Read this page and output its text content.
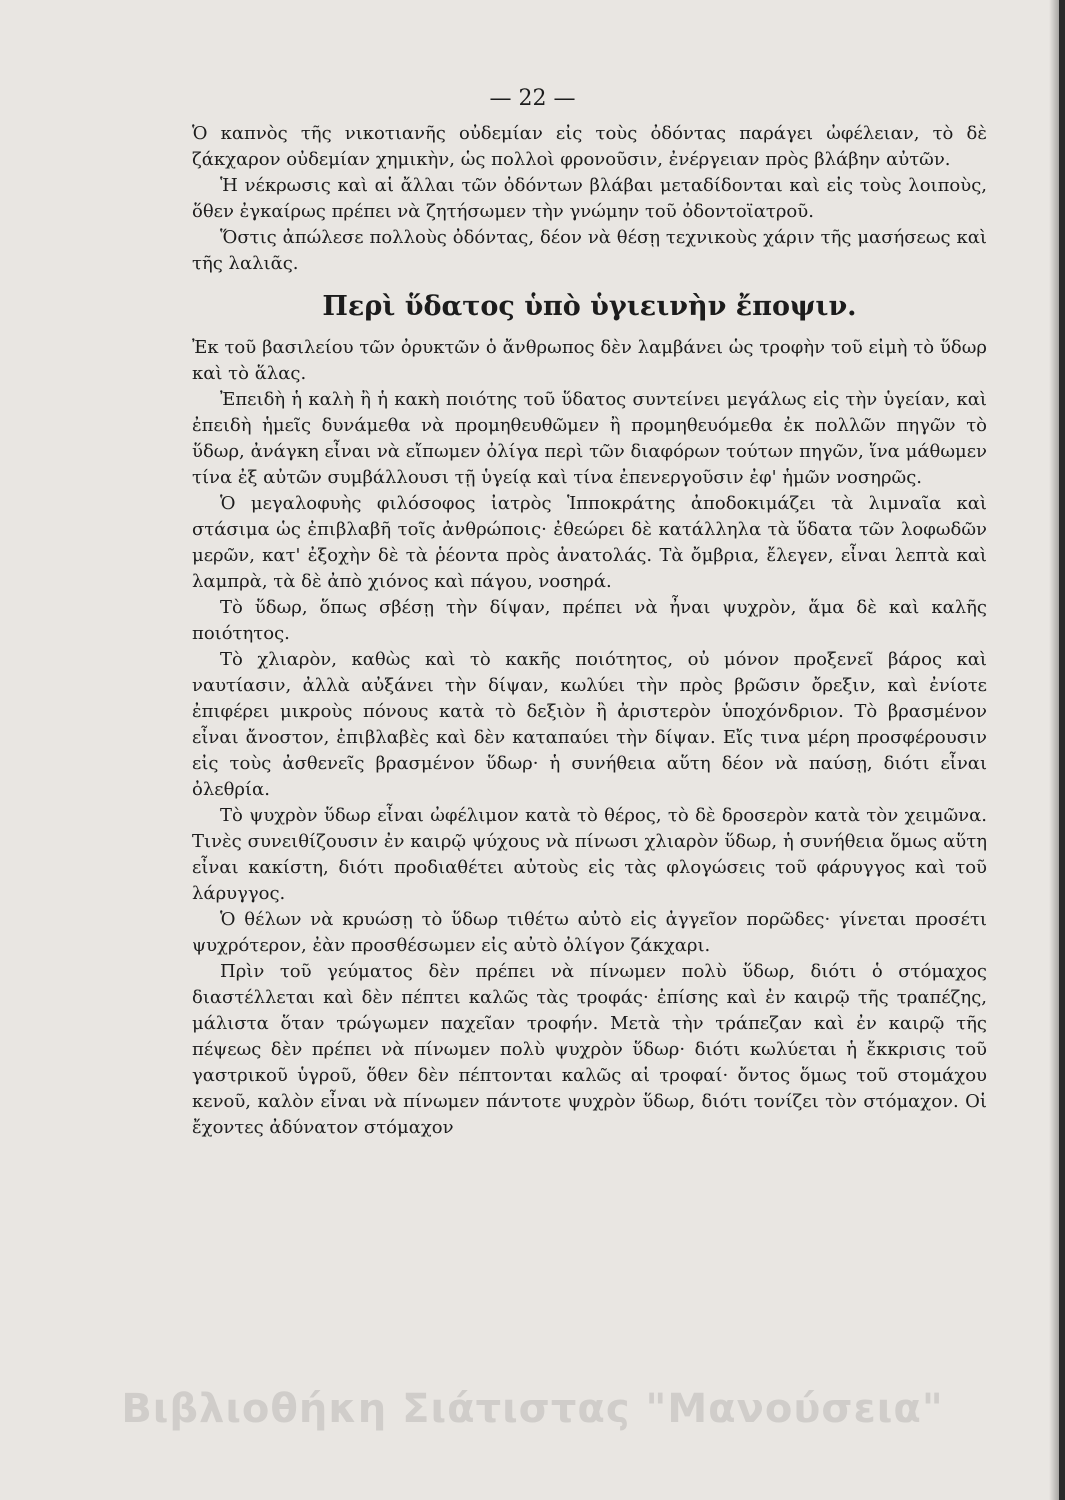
— 22 —

Ὁ καπνὸς τῆς νικοτιανῆς οὐδεμίαν εἰς τοὺς ὀδόντας παράγει ὠφέλειαν, τὸ δὲ ζάκχαρον οὐδεμίαν χημικὴν, ὡς πολλοὶ φρονοῦσιν, ἐνέργειαν πρὸς βλάβην αὐτῶν.

Ἡ νέκρωσις καὶ αἱ ἄλλαι τῶν ὀδόντων βλάβαι μεταδίδονται καὶ εἰς τοὺς λοιποὺς, ὅθεν ἐγκαίρως πρέπει νὰ ζητήσωμεν τὴν γνώμην τοῦ ὀδοντοϊατροῦ.

Ὅστις ἀπώλεσε πολλοὺς ὀδόντας, δέον νὰ θέσῃ τεχνικοὺς χάριν τῆς μασήσεως καὶ τῆς λαλιᾶς.

Περὶ ὕδατος ὑπὸ ὑγιεινὴν ἔποψιν.

Ἐκ τοῦ βασιλείου τῶν ὀρυκτῶν ὁ ἄνθρωπος δὲν λαμβάνει ὡς τροφὴν τοῦ εἰμὴ τὸ ὕδωρ καὶ τὸ ἅλας.

Ἐπειδὴ ἡ καλὴ ἢ ἡ κακὴ ποιότης τοῦ ὕδατος συντείνει μεγάλως εἰς τὴν ὑγείαν, καὶ ἐπειδὴ ἡμεῖς δυνάμεθα νὰ προμηθευθῶμεν ἢ προμηθευόμεθα ἐκ πολλῶν πηγῶν τὸ ὕδωρ, ἀνάγκη εἶναι νὰ εἴπωμεν ὀλίγα περὶ τῶν διαφόρων τούτων πηγῶν, ἵνα μάθωμεν τίνα ἐξ αὐτῶν συμβάλλουσι τῇ ὑγείᾳ καὶ τίνα ἐπενεργοῦσιν ἐφ' ἡμῶν νοσηρῶς.

Ὁ μεγαλοφυὴς φιλόσοφος ἰατρὸς Ἱπποκράτης ἀποδοκιμάζει τὰ λιμναῖα καὶ στάσιμα ὡς ἐπιβλαβῆ τοῖς ἀνθρώποις· ἐθεώρει δὲ κατάλληλα τὰ ὕδατα τῶν λοφωδῶν μερῶν, κατ' ἐξοχὴν δὲ τὰ ῥέοντα πρὸς ἀνατολάς. Τὰ ὄμβρια, ἔλεγεν, εἶναι λεπτὰ καὶ λαμπρὰ, τὰ δὲ ἀπὸ χιόνος καὶ πάγου, νοσηρά.

Τὸ ὕδωρ, ὅπως σβέσῃ τὴν δίψαν, πρέπει νὰ ἦναι ψυχρὸν, ἅμα δὲ καὶ καλῆς ποιότητος.

Τὸ χλιαρὸν, καθὼς καὶ τὸ κακῆς ποιότητος, οὐ μόνον προξενεῖ βάρος καὶ ναυτίασιν, ἀλλὰ αὐξάνει τὴν δίψαν, κωλύει τὴν πρὸς βρῶσιν ὄρεξιν, καὶ ἐνίοτε ἐπιφέρει μικροὺς πόνους κατὰ τὸ δεξιὸν ἢ ἀριστερὸν ὑποχόνδριον. Τὸ βρασμένον εἶναι ἄνοστον, ἐπιβλαβὲς καὶ δὲν καταπαύει τὴν δίψαν. Εἴς τινα μέρη προσφέρουσιν εἰς τοὺς ἀσθενεῖς βρασμένον ὕδωρ· ἡ συνήθεια αὕτη δέον νὰ παύσῃ, διότι εἶναι ὀλεθρία.

Τὸ ψυχρὸν ὕδωρ εἶναι ὠφέλιμον κατὰ τὸ θέρος, τὸ δὲ δροσερὸν κατὰ τὸν χειμῶνα. Τινὲς συνειθίζουσιν ἐν καιρῷ ψύχους νὰ πίνωσι χλιαρὸν ὕδωρ, ἡ συνήθεια ὅμως αὕτη εἶναι κακίστη, διότι προδιαθέτει αὐτοὺς εἰς τὰς φλογώσεις τοῦ φάρυγγος καὶ τοῦ λάρυγγος.

Ὁ θέλων νὰ κρυώσῃ τὸ ὕδωρ τιθέτω αὐτὸ εἰς ἀγγεῖον πορῶδες· γίνεται προσέτι ψυχρότερον, ἐὰν προσθέσωμεν εἰς αὐτὸ ὀλίγον ζάκχαρι.

Πρὶν τοῦ γεύματος δὲν πρέπει νὰ πίνωμεν πολὺ ὕδωρ, διότι ὁ στόμαχος διαστέλλεται καὶ δὲν πέπτει καλῶς τὰς τροφάς· ἐπίσης καὶ ἐν καιρῷ τῆς τραπέζης, μάλιστα ὅταν τρώγωμεν παχεῖαν τροφήν. Μετὰ τὴν τράπεζαν καὶ ἐν καιρῷ τῆς πέψεως δὲν πρέπει νὰ πίνωμεν πολὺ ψυχρὸν ὕδωρ· διότι κωλύεται ἡ ἔκκρισις τοῦ γαστρικοῦ ὑγροῦ, ὅθεν δὲν πέπτονται καλῶς αἱ τροφαί· ὄντος ὅμως τοῦ στομάχου κενοῦ, καλὸν εἶναι νὰ πίνωμεν πάντοτε ψυχρὸν ὕδωρ, διότι τονίζει τὸν στόμαχον. Οἱ ἔχοντες ἀδύνατον στόμαχον

Βιβλιοθήκη Σιάτιστας "Μανούσεια"
